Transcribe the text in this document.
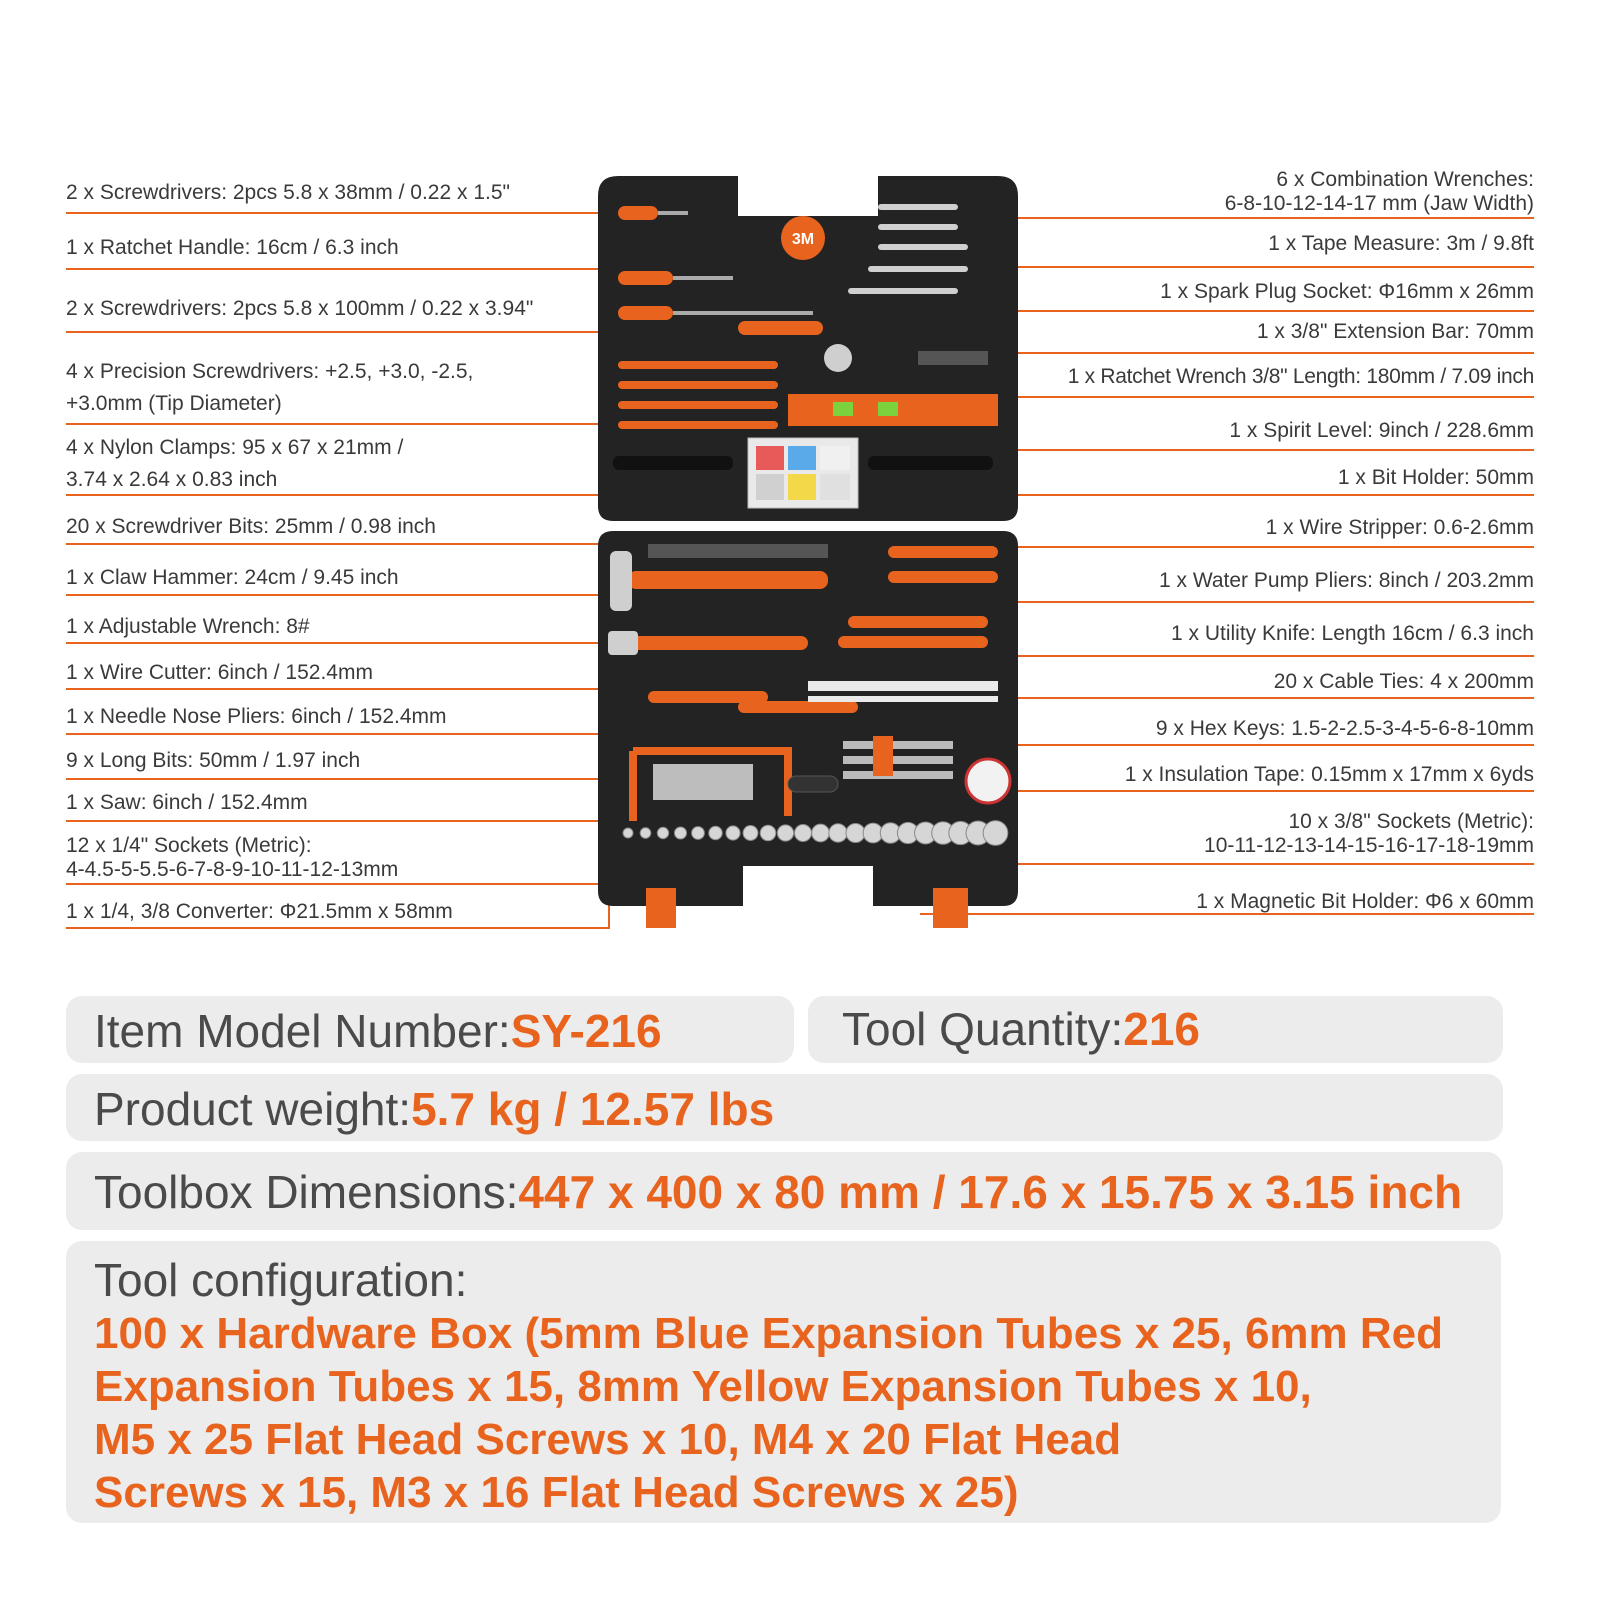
2 x Screwdrivers: 2pcs 5.8 x 38mm / 0.22 x 1.5"
1 x Ratchet Handle: 16cm / 6.3 inch
2 x Screwdrivers: 2pcs 5.8 x 100mm / 0.22 x 3.94"
4 x Precision Screwdrivers: +2.5, +3.0, -2.5,
+3.0mm (Tip Diameter)
4 x Nylon Clamps: 95 x 67 x 21mm /
3.74 x 2.64 x 0.83 inch
20 x Screwdriver Bits: 25mm / 0.98 inch
1 x Claw Hammer: 24cm / 9.45 inch
1 x Adjustable Wrench: 8#
1 x Wire Cutter: 6inch / 152.4mm
1 x Needle Nose Pliers: 6inch / 152.4mm
9 x Long Bits: 50mm / 1.97 inch
1 x Saw: 6inch / 152.4mm
12 x 1/4" Sockets (Metric):
4-4.5-5-5.5-6-7-8-9-10-11-12-13mm
1 x 1/4, 3/8 Converter: Φ21.5mm x 58mm
6 x Combination Wrenches:
6-8-10-12-14-17 mm (Jaw Width)
1 x Tape Measure: 3m / 9.8ft
1 x Spark Plug Socket: Φ16mm x 26mm
1 x 3/8" Extension Bar: 70mm
1 x Ratchet Wrench 3/8" Length: 180mm / 7.09 inch
1 x Spirit Level: 9inch / 228.6mm
1 x Bit Holder: 50mm
1 x Wire Stripper: 0.6-2.6mm
1 x Water Pump Pliers: 8inch / 203.2mm
1 x Utility Knife: Length 16cm / 6.3 inch
20 x Cable Ties: 4 x 200mm
9 x Hex Keys: 1.5-2-2.5-3-4-5-6-8-10mm
1 x Insulation Tape: 0.15mm x 17mm x 6yds
10 x 3/8" Sockets (Metric):
10-11-12-13-14-15-16-17-18-19mm
1 x Magnetic Bit Holder: Φ6 x 60mm
3M
Item Model Number:SY-216	Tool Quantity:216
Product weight:5.7 kg / 12.57 lbs
Toolbox Dimensions:447 x 400 x 80 mm / 17.6 x 15.75 x 3.15 inch
Tool configuration:
100 x Hardware Box (5mm Blue Expansion Tubes x 25, 6mm Red
Expansion Tubes x 15, 8mm Yellow Expansion Tubes x 10,
M5 x 25 Flat Head Screws x 10, M4 x 20 Flat Head
Screws x 15, M3 x 16 Flat Head Screws x 25)
